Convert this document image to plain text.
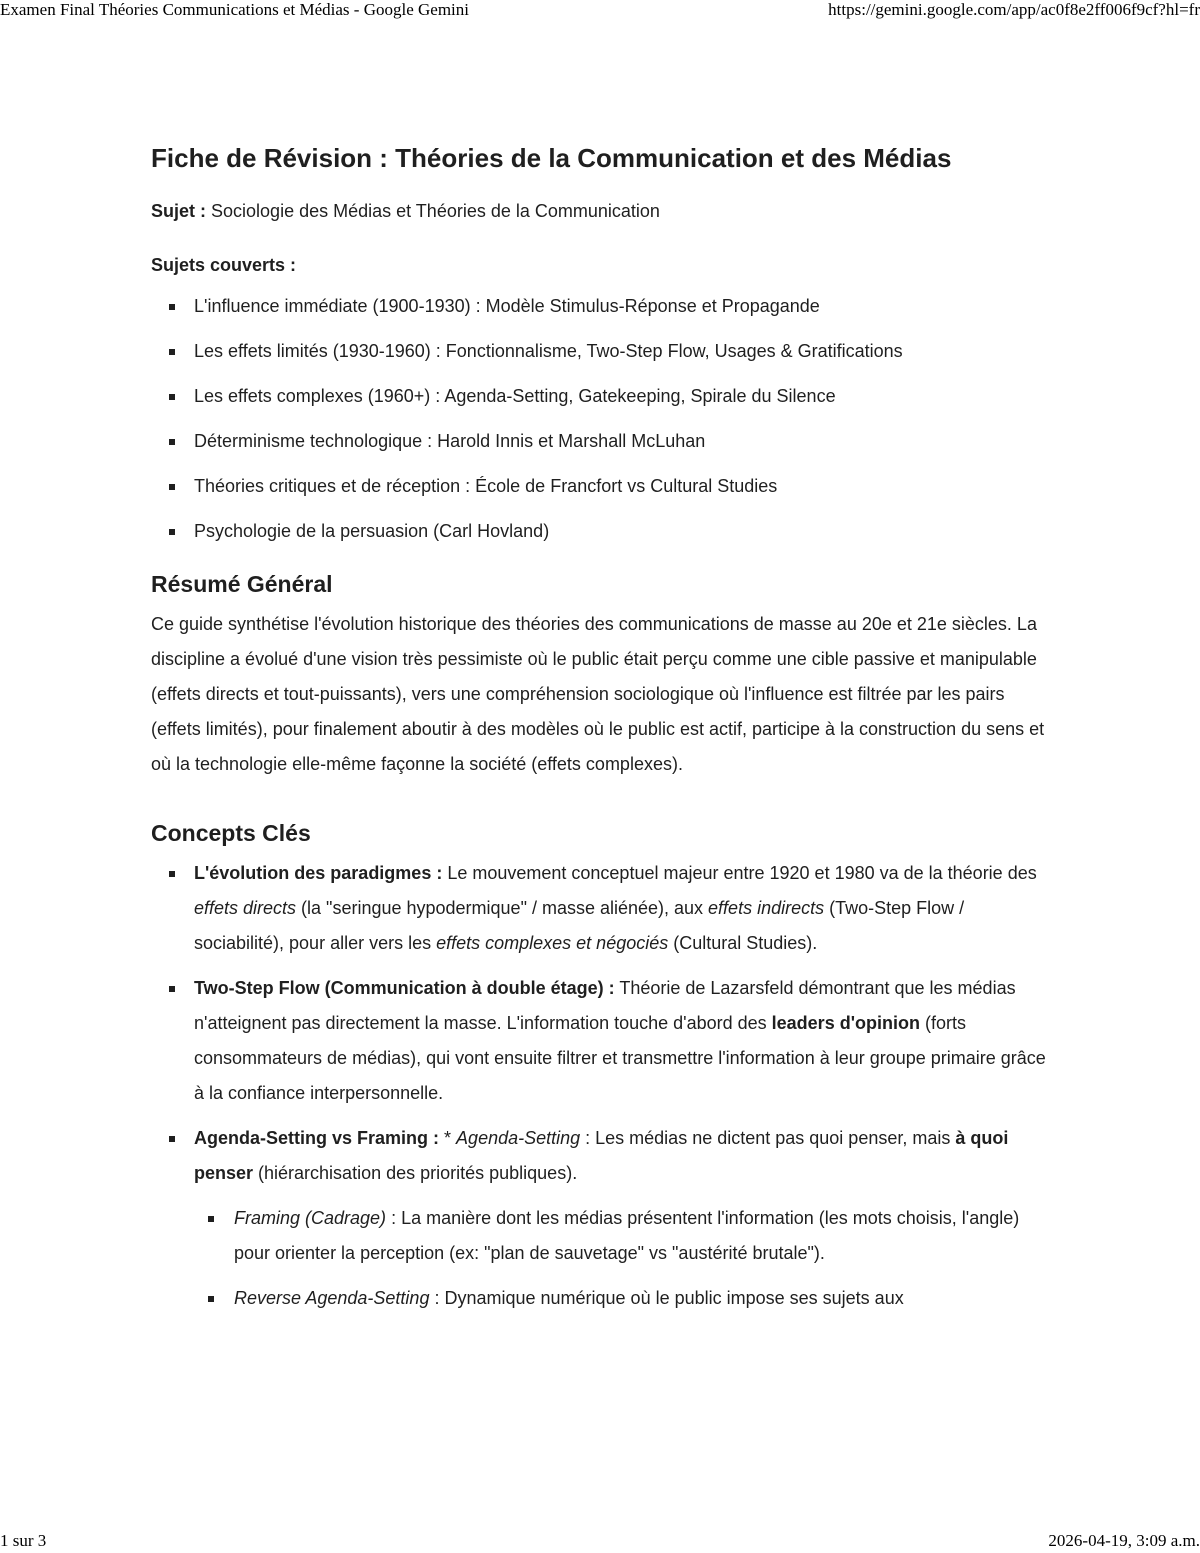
Examen Final Théories Communications et Médias - Google Gemini	https://gemini.google.com/app/ac0f8e2ff006f9cf?hl=fr
Fiche de Révision : Théories de la Communication et des Médias

Sujet : Sociologie des Médias et Théories de la Communication

Sujets couverts :

L'influence immédiate (1900-1930) : Modèle Stimulus-Réponse et Propagande
Les effets limités (1930-1960) : Fonctionnalisme, Two-Step Flow, Usages & Gratifications
Les effets complexes (1960+) : Agenda-Setting, Gatekeeping, Spirale du Silence
Déterminisme technologique : Harold Innis et Marshall McLuhan
Théories critiques et de réception : École de Francfort vs Cultural Studies
Psychologie de la persuasion (Carl Hovland)
Résumé Général

Ce guide synthétise l'évolution historique des théories des communications de masse au 20e et 21e siècles. La discipline a évolué d'une vision très pessimiste où le public était perçu comme une cible passive et manipulable (effets directs et tout-puissants), vers une compréhension sociologique où l'influence est filtrée par les pairs (effets limités), pour finalement aboutir à des modèles où le public est actif, participe à la construction du sens et où la technologie elle-même façonne la société (effets complexes).

Concepts Clés
L'évolution des paradigmes : Le mouvement conceptuel majeur entre 1920 et 1980 va de la théorie des effets directs (la "seringue hypodermique" / masse aliénée), aux effets indirects (Two-Step Flow / sociabilité), pour aller vers les effets complexes et négociés (Cultural Studies).
Two-Step Flow (Communication à double étage) : Théorie de Lazarsfeld démontrant que les médias n'atteignent pas directement la masse. L'information touche d'abord des leaders d'opinion (forts consommateurs de médias), qui vont ensuite filtrer et transmettre l'information à leur groupe primaire grâce à la confiance interpersonnelle.
Agenda-Setting vs Framing : * Agenda-Setting : Les médias ne dictent pas quoi penser, mais à quoi penser (hiérarchisation des priorités publiques).
Framing (Cadrage) : La manière dont les médias présentent l'information (les mots choisis, l'angle) pour orienter la perception (ex: "plan de sauvetage" vs "austérité brutale").
Reverse Agenda-Setting : Dynamique numérique où le public impose ses sujets aux
1 sur 3	2026-04-19, 3:09 a.m.
